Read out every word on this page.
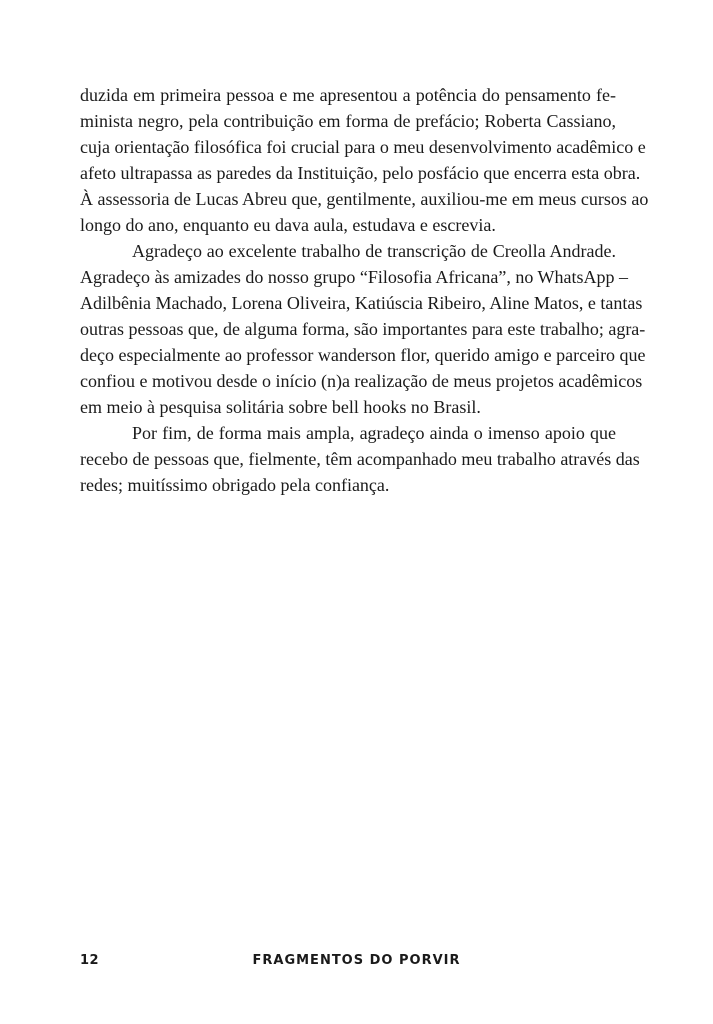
duzida em primeira pessoa e me apresentou a potência do pensamento fe-
minista negro, pela contribuição em forma de prefácio; Roberta Cassiano,
cuja orientação filosófica foi crucial para o meu desenvolvimento acadêmico e
afeto ultrapassa as paredes da Instituição, pelo posfácio que encerra esta obra.
À assessoria de Lucas Abreu que, gentilmente, auxiliou-me em meus cursos ao
longo do ano, enquanto eu dava aula, estudava e escrevia.
Agradeço ao excelente trabalho de transcrição de Creolla Andrade.
Agradeço às amizades do nosso grupo “Filosofia Africana”, no WhatsApp –
Adilbênia Machado, Lorena Oliveira, Katiúscia Ribeiro, Aline Matos, e tantas
outras pessoas que, de alguma forma, são importantes para este trabalho; agra-
deço especialmente ao professor wanderson flor, querido amigo e parceiro que
confiou e motivou desde o início (n)a realização de meus projetos acadêmicos
em meio à pesquisa solitária sobre bell hooks no Brasil.
Por fim, de forma mais ampla, agradeço ainda o imenso apoio que
recebo de pessoas que, fielmente, têm acompanhado meu trabalho através das
redes; muitíssimo obrigado pela confiança.
12	FRAGMENTOS DO PORVIR
